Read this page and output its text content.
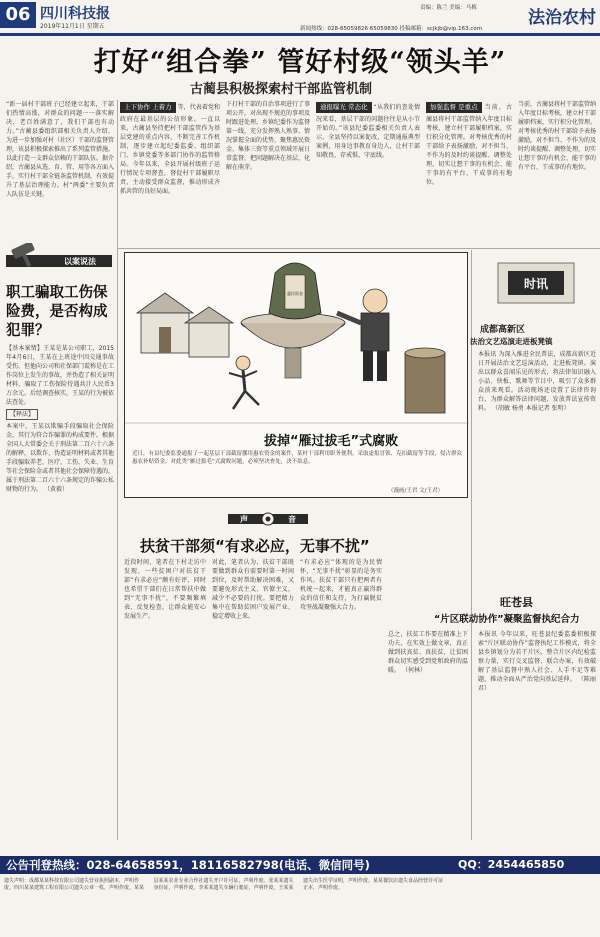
06 四川科技报
2019年11月1日 星期五
责编：陈兰 美编：马梅
新闻热线：028-65059826 65059830 投稿邮箱：scjkjb@vip.163.com
法治农村
打好“组合拳” 管好村级“领头羊”
古蔺县积极探索村干部监管机制
“新一届村干部班子已经建立起来，干部们热情高涨，对群众的问题一一落实解决，老百姓满意了，我们干部也有动力。”古蔺县委组织部相关负责人介绍，为进一步加强对村（社区）干部的监督管理，该县积极探索推出了系列监管措施，以此打造一支群众信赖的干部队伍。据介绍，古蔺县从选、育、管、用等各方面入手，实行村干部全链条监管机制，有效提升了基层治理能力。村“两委”主要负责人队伍是关键。
上下协作 上着力 等，代表着党和政府在最基层的公信形象。一直以来，古蔺县坚持把村干部监管作为基层党建的重点内容，不断完善工作机制，逐步建立起纪委监委、组织部门、乡镇党委等多部门协作的监管格局。今年以来，全县开展村级班子运行情况专项督查，督促村干部履职尽责，主动接受群众监督，推动形成齐抓共管的良好局面。
下打村干部的自治事项进行了事项公开，对出现不规范的事项及时跟进处理。乡镇纪委作为监督第一线，充分发挥熟人熟事、情况掌握全面的优势，聚焦惠民资金、集体三资等重点领域开展日常监督，把问题解决在基层、化解在萌芽。
通报曝光 常态化 “从我们的查处情况来看，基层干部的问题往往是从小节开始的。”该县纪委监委相关负责人表示，全县坚持以案促改，定期通报典型案例，用身边事教育身边人，让村干部知敬畏、存戒惧、守底线。
加强监督 是重点 当前，古蔺县将村干部监管纳入年度目标考核，建立村干部履职档案，实行积分化管理。对考核优秀的村干部给予表扬激励，对不担当、不作为的及时约谈提醒、调整处理，切实让想干事的有机会、能干事的有平台、干成事的有地位。
当前，古蔺县将村干部监管纳入年度目标考核，建立村干部履职档案，实行积分化管理。对考核优秀的村干部给予表扬激励，对不担当、不作为的及时约谈提醒、调整处理，切实让想干事的有机会、能干事的有平台、干成事的有地位。
以案说法
职工骗取工伤保险费，是否构成犯罪？
【基本案情】王某是某公司职工，2015年4月6日，王某在上班途中因交通事故受伤，但他向公司和社保部门谎称是在工作岗位上发生的事故，并伪造了相关证明材料，骗取了工伤保险待遇共计人民币3万余元。后经调查核实，王某的行为被依法查处。
【释法】
本案中，王某以欺骗手段骗取社会保险金，其行为符合诈骗罪的构成要件。根据全国人大常委会关于刑法第二百六十六条的解释，以欺诈、伪造证明材料或者其他手段骗取养老、医疗、工伤、失业、生育等社会保险金或者其他社会保障待遇的，属于刑法第二百六十六条规定的诈骗公私财物的行为。 （黄毅）
惠民资金
拔掉“雁过拔毛”式腐败
近日，有县纪委监委通报了一起基层干部截留挪用惠农资金的案件，某村干部利用职务便利，采取虚报冒领、克扣截留等手段，侵占群众惠农补贴资金。对此类“雁过拔毛”式腐败问题，必须坚决查处，决不姑息。
（漫画/王君 文/王君）
声	音
扶贫干部须“有求必应，无事不扰”
近段时间，笔者在下村走访中发现，一些贫困户对扶贫干部“有求必应”颇有好评，同时也希望干部们在日常帮扶中做到“无事不扰”，不要频繁填表、反复检查，让群众能安心发展生产。
对此，笔者认为，扶贫干部既要做到群众有需要时第一时间到位，及时帮助解决困难，又要避免形式主义、官僚主义，减少不必要的打扰。要把精力集中在帮助贫困户发展产业、稳定增收上来。
“有求必应”体现的是为民情怀，“无事不扰”彰显的是务实作风。扶贫干部只有把两者有机统一起来，才能真正赢得群众的信任和支持，为打赢脱贫攻坚战凝聚强大合力。
总之，扶贫工作要在精准上下功夫，在实效上做文章，真正做到扶真贫、真扶贫，让贫困群众切实感受到党和政府的温暖。 （何林）
时讯
成都高新区
法治文艺巡演走进板凳镇
本报讯 为深入推进全民普法，成都高新区近日开展法治文艺巡演活动，走进板凳镇。演出以群众喜闻乐见的形式，将法律知识融入小品、快板、歌舞等节目中，吸引了众多群众前来观看。活动现场还设置了法律咨询台，为群众解答法律问题，发放普法宣传资料。 （胡敏 杨勇 本报记者 张明）
旺苍县
“片区联动协作”凝聚监督执纪合力
本报讯 今年以来，旺苍县纪委监委积极探索“片区联动协作”监督执纪工作模式，将全县乡镇划分为若干片区，整合片区内纪检监察力量，实行交叉监督、联合办案，有效破解了基层监督中熟人社会、人手不足等难题，推动全面从严治党向基层延伸。 （陈丽君）
公告刊登热线：028-64658591，18116582798(电话、微信同号)	QQ：2454465850
遗失声明：成都某某科技有限公司遗失营业执照副本，声明作废。四川某某建筑工程有限公司遗失公章一枚，声明作废。某某县某某农业专业合作社遗失开户许可证，声明作废。张某某遗失身份证，声明作废。李某某遗失车辆行驶证，声明作废。王某某遗失出生医学证明，声明作废。某某餐饮店遗失食品经营许可证正本，声明作废。
